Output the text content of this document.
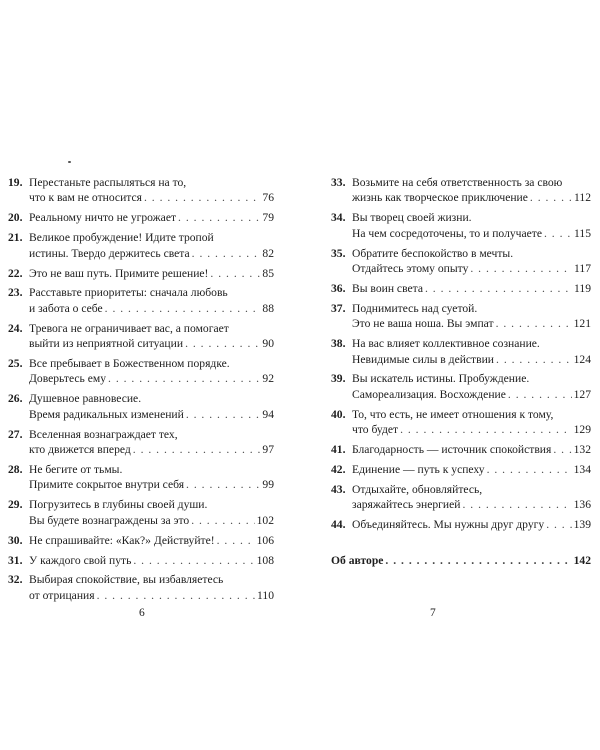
19. Перестаньте распыляться на то,
что к вам не относится . . .	76
20. Реальному ничто не угрожает . . .	79
21. Великое пробуждение! Идите тропой
истины. Твердо держитесь света . . .	82
22. Это не ваш путь. Примите решение! . . .	85
23. Расставьте приоритеты: сначала любовь
и забота о себе . . .	88
24. Тревога не ограничивает вас, а помогает
выйти из неприятной ситуации . . .	90
25. Все пребывает в Божественном порядке.
Доверьтесь ему . . .	92
26. Душевное равновесие.
Время радикальных изменений . . .	94
27. Вселенная вознаграждает тех,
кто движется вперед . . .	97
28. Не бегите от тьмы.
Примите сокрытое внутри себя . . .	99
29. Погрузитесь в глубины своей души.
Вы будете вознаграждены за это . . .	102
30. Не спрашивайте: «Как?» Действуйте! . . .	106
31. У каждого свой путь . . .	108
32. Выбирая спокойствие, вы избавляетесь
от отрицания . . .	110
33. Возьмите на себя ответственность за свою
жизнь как творческое приключение . . .	112
34. Вы творец своей жизни.
На чем сосредоточены, то и получаете . . .	115
35. Обратите беспокойство в мечты.
Отдайтесь этому опыту . . .	117
36. Вы воин света . . .	119
37. Поднимитесь над суетой.
Это не ваша ноша. Вы эмпат . . .	121
38. На вас влияет коллективное сознание.
Невидимые силы в действии . . .	124
39. Вы искатель истины. Пробуждение.
Самореализация. Восхождение . . .	127
40. То, что есть, не имеет отношения к тому,
что будет . . .	129
41. Благодарность — источник спокойствия . . . 132
42. Единение — путь к успеху . . .	134
43. Отдыхайте, обновляйтесь,
заряжайтесь энергией . . .	136
44. Объединяйтесь. Мы нужны друг другу . . .	139
Об авторе . . .	142
6	7
